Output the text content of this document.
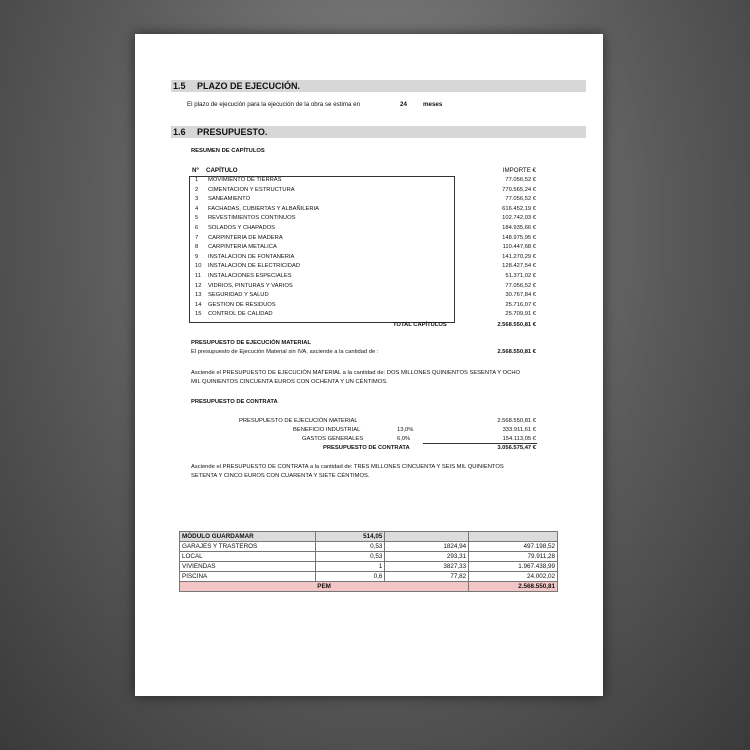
1.5 PLAZO DE EJECUCIÓN.
El plazo de ejecución para la ejecución de la obra se estima en	24	meses
1.6 PRESUPUESTO.
RESUMEN DE CAPÍTULOS
Nº CAPÍTULO	IMPORTE €
1 MOVIMIENTO DE TIERRAS	77.056,52 €
2 CIMENTACION Y ESTRUCTURA	770.565,24 €
3 SANEAMIENTO	77.056,52 €
4 FACHADAS, CUBIERTAS Y ALBAÑILERIA	616.452,19 €
5 REVESTIMIENTOS CONTINUOS	102.742,03 €
6 SOLADOS Y CHAPADOS	184.935,66 €
7 CARPINTERIA DE MADERA	148.975,95 €
8 CARPINTERIA METALICA	110.447,68 €
9 INSTALACION DE FONTANERIA	141.270,29 €
10 INSTALACION DE ELECTRICIDAD	128.427,54 €
11 INSTALACIONES ESPECIALES	51.371,02 €
12 VIDRIOS, PINTURAS Y VARIOS	77.056,52 €
13 SEGURIDAD Y SALUD	30.767,84 €
14 GESTION DE RESIDUOS	25.716,07 €
15 CONTROL DE CALIDAD	25.709,91 €
TOTAL CAPÍTULOS	2.568.550,81 €
PRESUPUESTO DE EJECUCIÓN MATERIAL
El presupuesto de Ejecución Material sin IVA, asciende a la cantidad de :	2.568.550,81 €
Asciende el PRESUPUESTO DE EJECUCIÓN MATERIAL a la cantidad de: DOS MILLONES QUINIENTOS SESENTA Y OCHO
MIL QUINIENTOS CINCUENTA EUROS CON OCHENTA Y UN CÉNTIMOS.
PRESUPUESTO DE CONTRATA
PRESUPUESTO DE EJECUCIÓN MATERIAL	2.568.550,81 €
BENEFICIO INDUSTRIAL	13,0%	333.911,61 €
GASTOS GENERALES	6,0%	154.113,05 €
PRESUPUESTO DE CONTRATA	3.056.575,47 €
Asciende el PRESUPUESTO DE CONTRATA a la cantidad de: TRES MILLONES CINCUENTA Y SEIS MIL QUINIENTOS
SETENTA Y CINCO EUROS CON CUARENTA Y SIETE CÉNTIMOS.
MÓDULO GUARDAMAR	514,05		
GARAJES Y TRASTEROS	0,53	1824,94	497.198,52
LOCAL	0,53	293,31	79.911,28
VIVIENDAS	1	3827,33	1.967.438,99
PISCINA	0,6	77,82	24.002,02
PEM			2.568.550,81
